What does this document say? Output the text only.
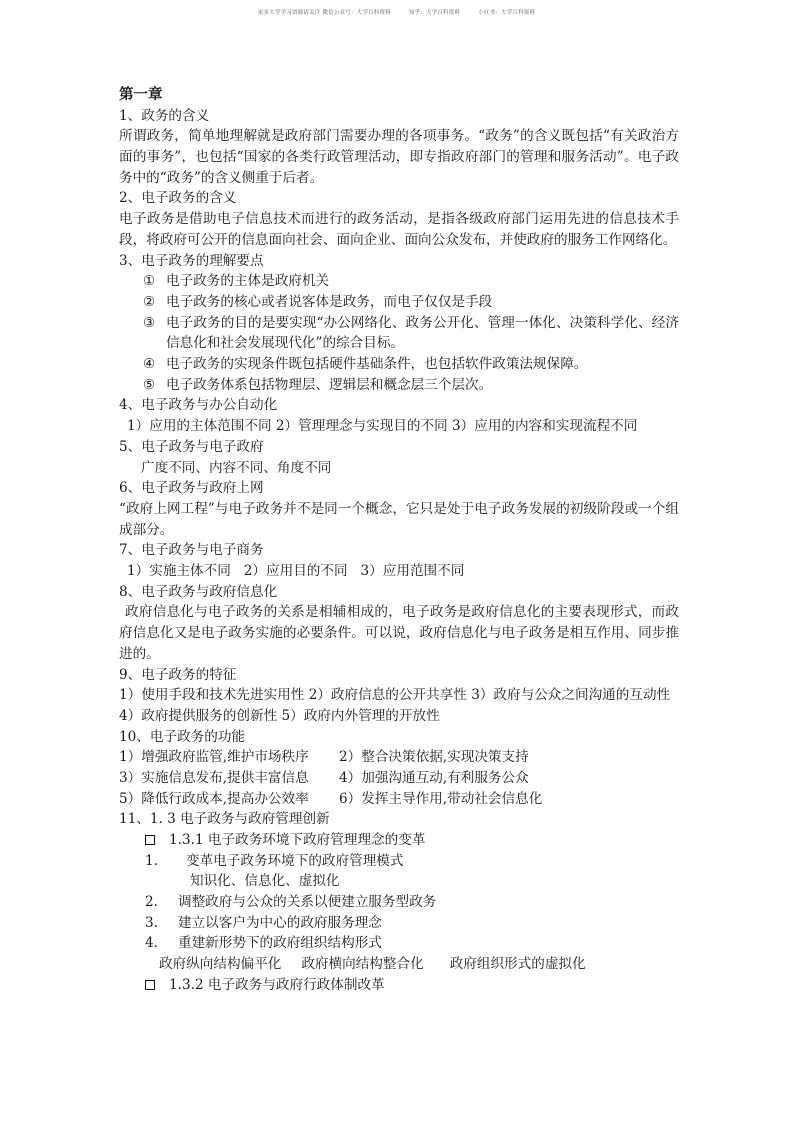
更多大学学习资源请关注 微信公众号：大学百科资料	知乎：大学百科资料	小红书：大学百科资料
第一章
1、政务的含义
所谓政务，简单地理解就是政府部门需要办理的各项事务。“政务”的含义既包括“有关政治方面的事务”，也包括“国家的各类行政管理活动，即专指政府部门的管理和服务活动”。电子政务中的“政务”的含义侧重于后者。
2、电子政务的含义
电子政务是借助电子信息技术而进行的政务活动，是指各级政府部门运用先进的信息技术手段，将政府可公开的信息面向社会、面向企业、面向公众发布，并使政府的服务工作网络化。
3、电子政务的理解要点
① 电子政务的主体是政府机关
② 电子政务的核心或者说客体是政务，而电子仅仅是手段
③ 电子政务的目的是要实现“办公网络化、政务公开化、管理一体化、决策科学化、经济信息化和社会发展现代化”的综合目标。
④ 电子政务的实现条件既包括硬件基础条件，也包括软件政策法规保障。
⑤ 电子政务体系包括物理层、逻辑层和概念层三个层次。
4、电子政务与办公自动化
1）应用的主体范围不同 2）管理理念与实现目的不同 3）应用的内容和实现流程不同
5、电子政务与电子政府
广度不同、内容不同、角度不同
6、电子政务与政府上网
“政府上网工程”与电子政务并不是同一个概念，它只是处于电子政务发展的初级阶段或一个组成部分。
7、电子政务与电子商务
1）实施主体不同   2）应用目的不同   3）应用范围不同
8、电子政务与政府信息化
政府信息化与电子政务的关系是相辅相成的，电子政务是政府信息化的主要表现形式，而政府信息化又是电子政务实施的必要条件。可以说，政府信息化与电子政务是相互作用、同步推进的。
9、电子政务的特征
1）使用手段和技术先进实用性 2）政府信息的公开共享性 3）政府与公众之间沟通的互动性
4）政府提供服务的创新性 5）政府内外管理的开放性
10、电子政务的功能
1）增强政府监管,维护市场秩序	2）整合决策依据,实现决策支持
3）实施信息发布,提供丰富信息	4）加强沟通互动,有利服务公众
5）降低行政成本,提高办公效率	6）发挥主导作用,带动社会信息化
11、1. 3 电子政务与政府管理创新
1.3.1 电子政务环境下政府管理理念的变革
1.	变革电子政务环境下的政府管理模式
知识化、信息化、虚拟化
2.	调整政府与公众的关系以便建立服务型政务
3.	建立以客户为中心的政府服务理念
4.	重建新形势下的政府组织结构形式
政府纵向结构偏平化 政府横向结构整合化 政府组织形式的虚拟化
1.3.2 电子政务与政府行政体制改革
